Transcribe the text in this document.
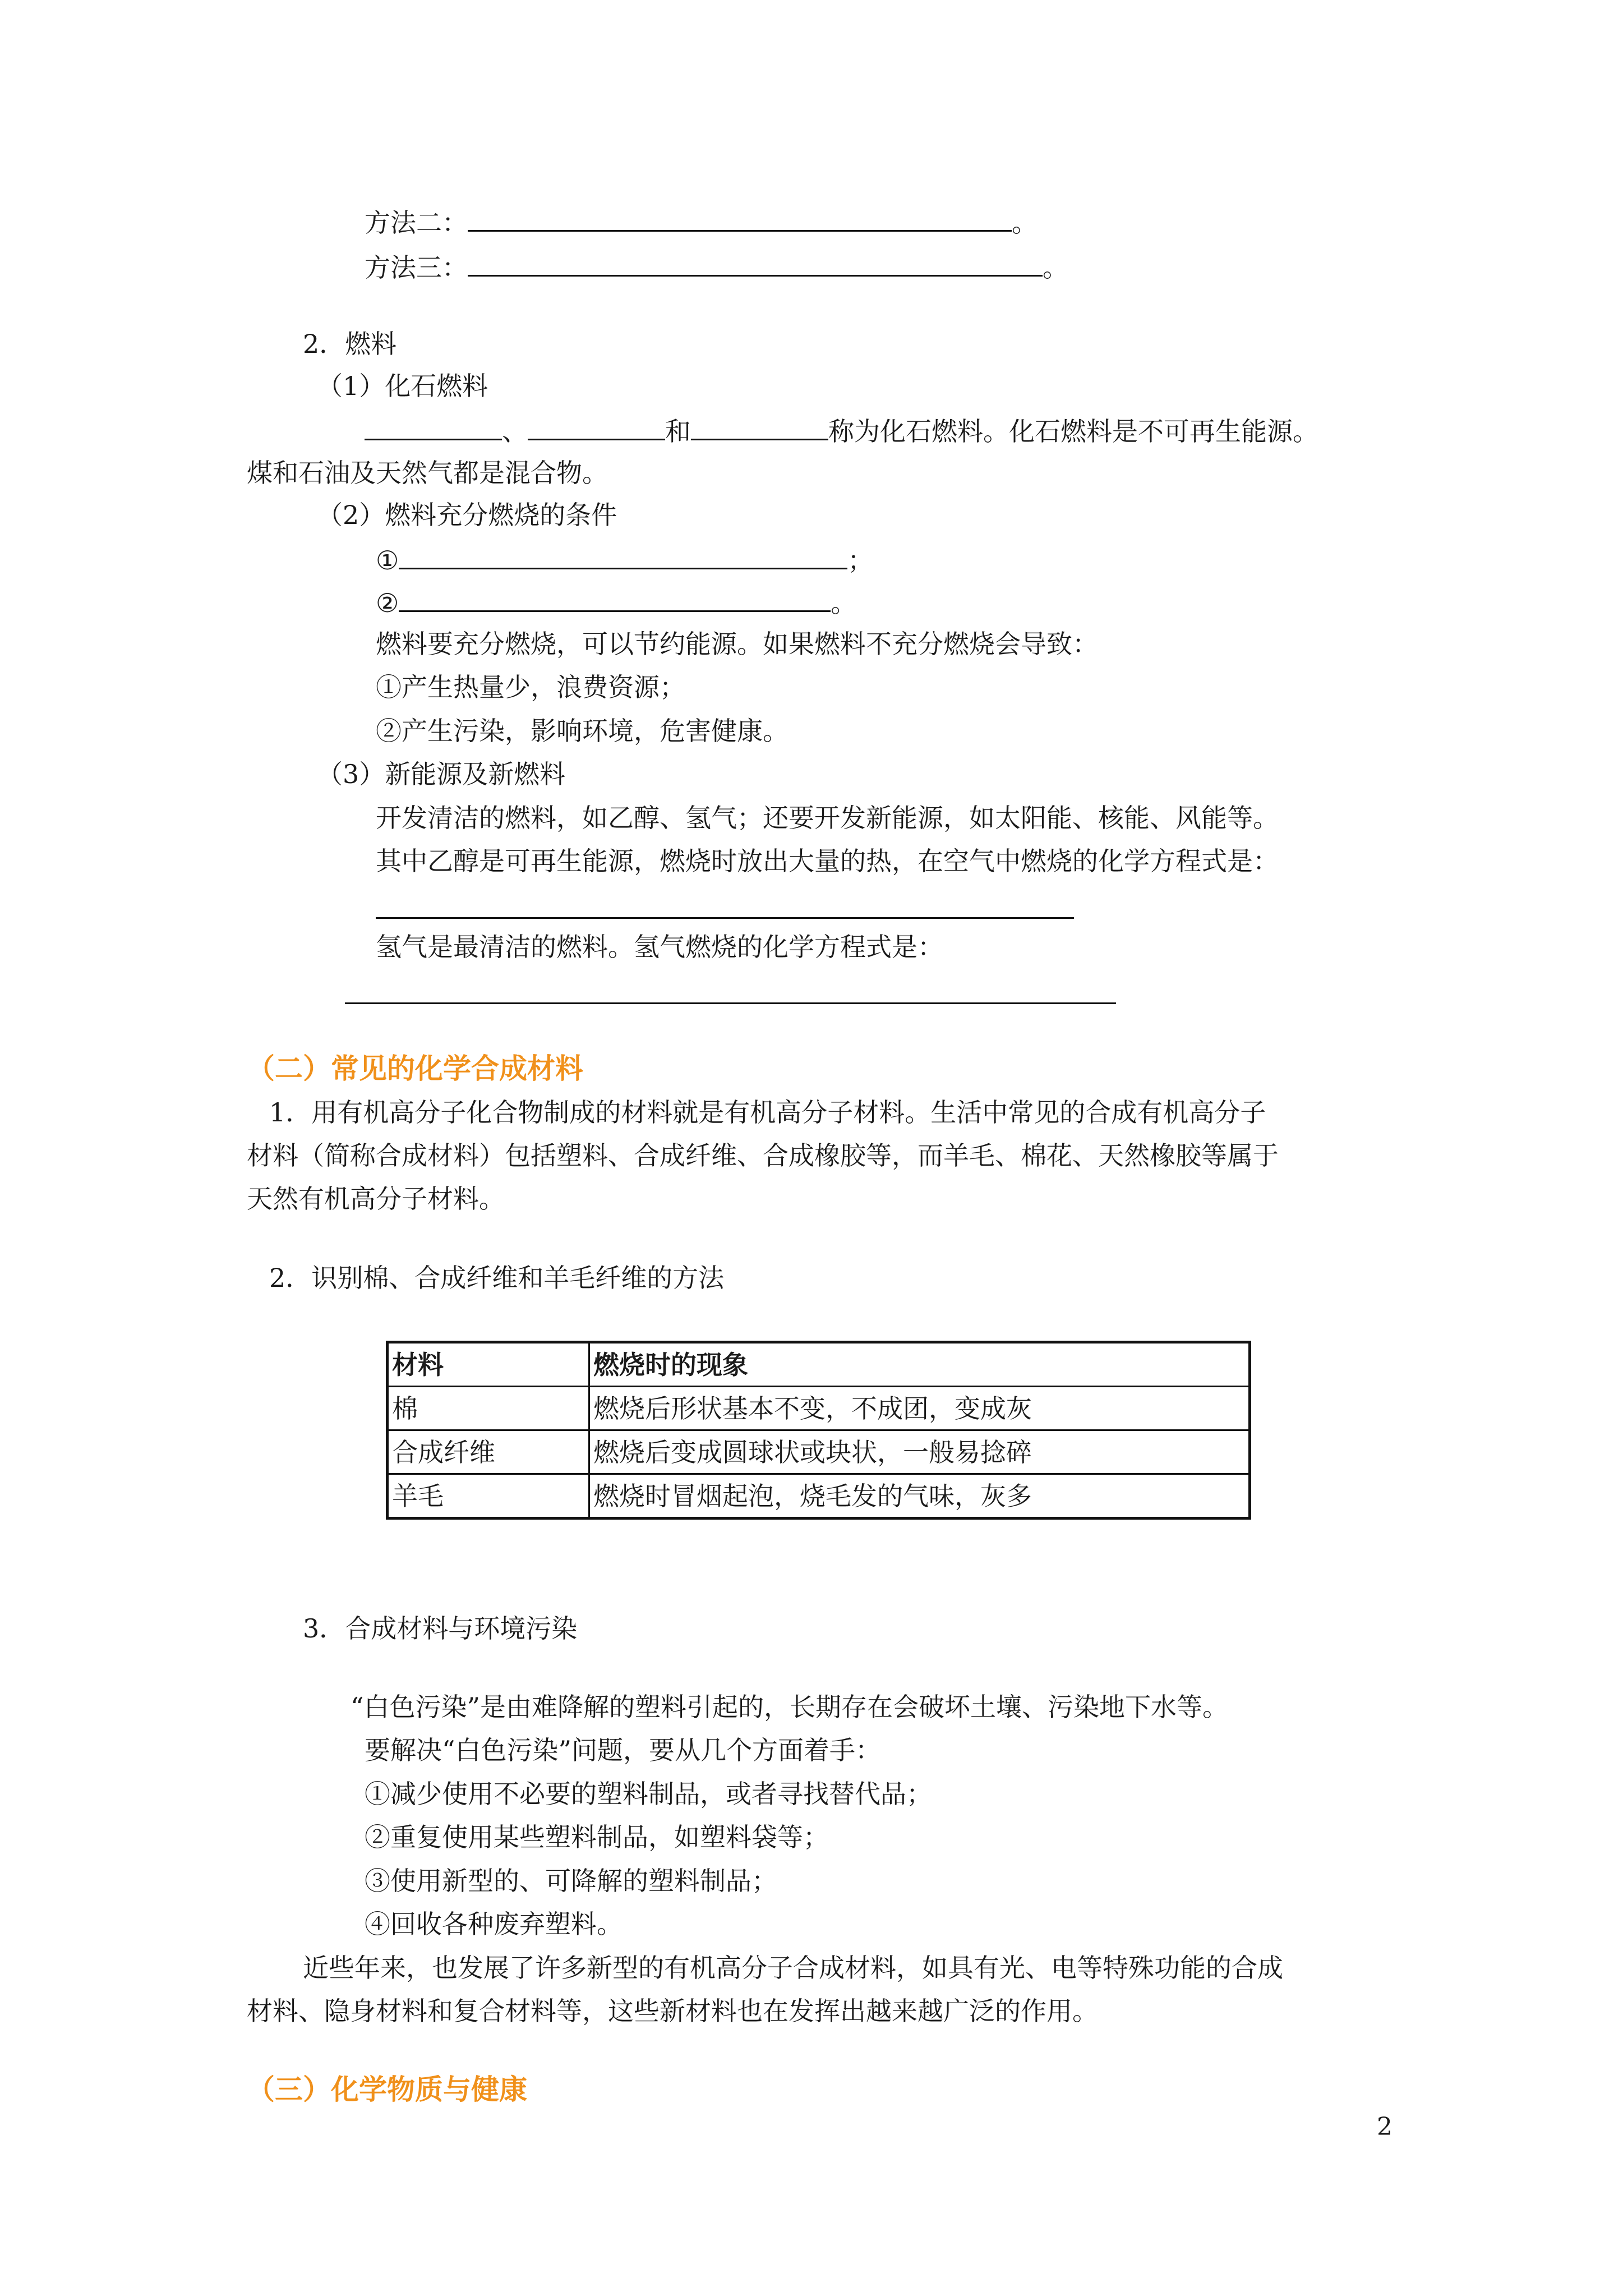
方法二：	。
方法三：	。
2．燃料
（1）化石燃料
、	和	称为化石燃料。化石燃料是不可再生能源。
煤和石油及天然气都是混合物。
（2）燃料充分燃烧的条件
①	；
②	。
燃料要充分燃烧，可以节约能源。如果燃料不充分燃烧会导致：
①产生热量少，浪费资源；
②产生污染，影响环境，危害健康。
（3）新能源及新燃料
开发清洁的燃料，如乙醇、氢气；还要开发新能源，如太阳能、核能、风能等。
其中乙醇是可再生能源，燃烧时放出大量的热，在空气中燃烧的化学方程式是：
氢气是最清洁的燃料。氢气燃烧的化学方程式是：
（二）常见的化学合成材料
1．用有机高分子化合物制成的材料就是有机高分子材料。生活中常见的合成有机高分子
材料（简称合成材料）包括塑料、合成纤维、合成橡胶等，而羊毛、棉花、天然橡胶等属于
天然有机高分子材料。
2．识别棉、合成纤维和羊毛纤维的方法
材料	燃烧时的现象
棉	燃烧后形状基本不变，不成团，变成灰
合成纤维	燃烧后变成圆球状或块状，一般易捻碎
羊毛	燃烧时冒烟起泡，烧毛发的气味，灰多
3．合成材料与环境污染
“白色污染”是由难降解的塑料引起的，长期存在会破坏土壤、污染地下水等。
要解决“白色污染”问题，要从几个方面着手：
①减少使用不必要的塑料制品，或者寻找替代品；
②重复使用某些塑料制品，如塑料袋等；
③使用新型的、可降解的塑料制品；
④回收各种废弃塑料。
近些年来，也发展了许多新型的有机高分子合成材料，如具有光、电等特殊功能的合成
材料、隐身材料和复合材料等，这些新材料也在发挥出越来越广泛的作用。
（三）化学物质与健康
2
